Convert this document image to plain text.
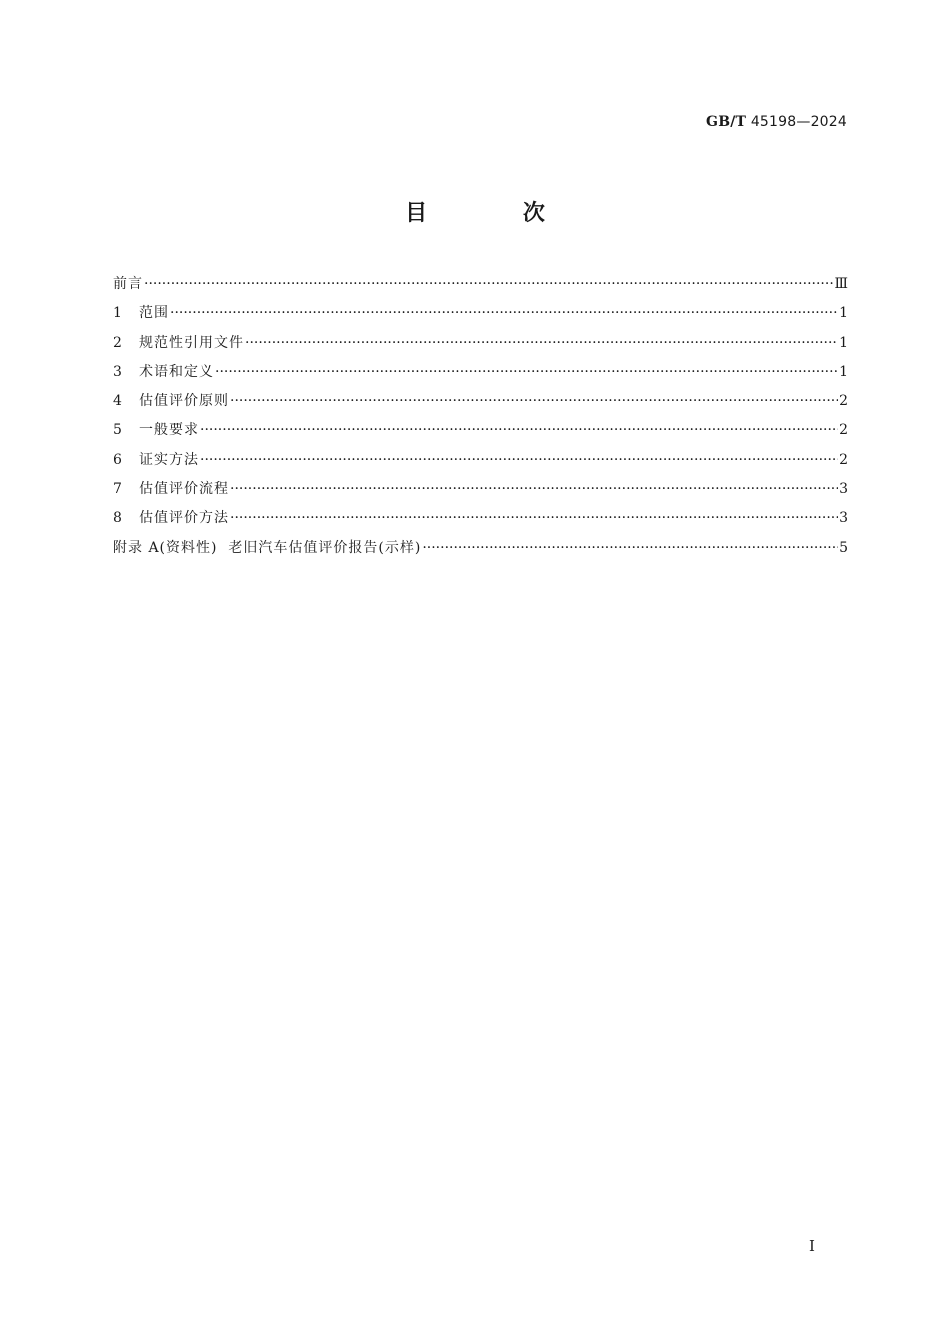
GB/T 45198—2024
目 次
前言 ·····	Ⅲ
1	范围 ·····	1
2	规范性引用文件 ·····	1
3	术语和定义 ·····	1
4	估值评价原则 ·····	2
5	一般要求 ·····	2
6	证实方法 ·····	2
7	估值评价流程 ·····	3
8	估值评价方法 ·····	3
附录 A(资料性)  老旧汽车估值评价报告(示样) ·····	5
Ⅰ
